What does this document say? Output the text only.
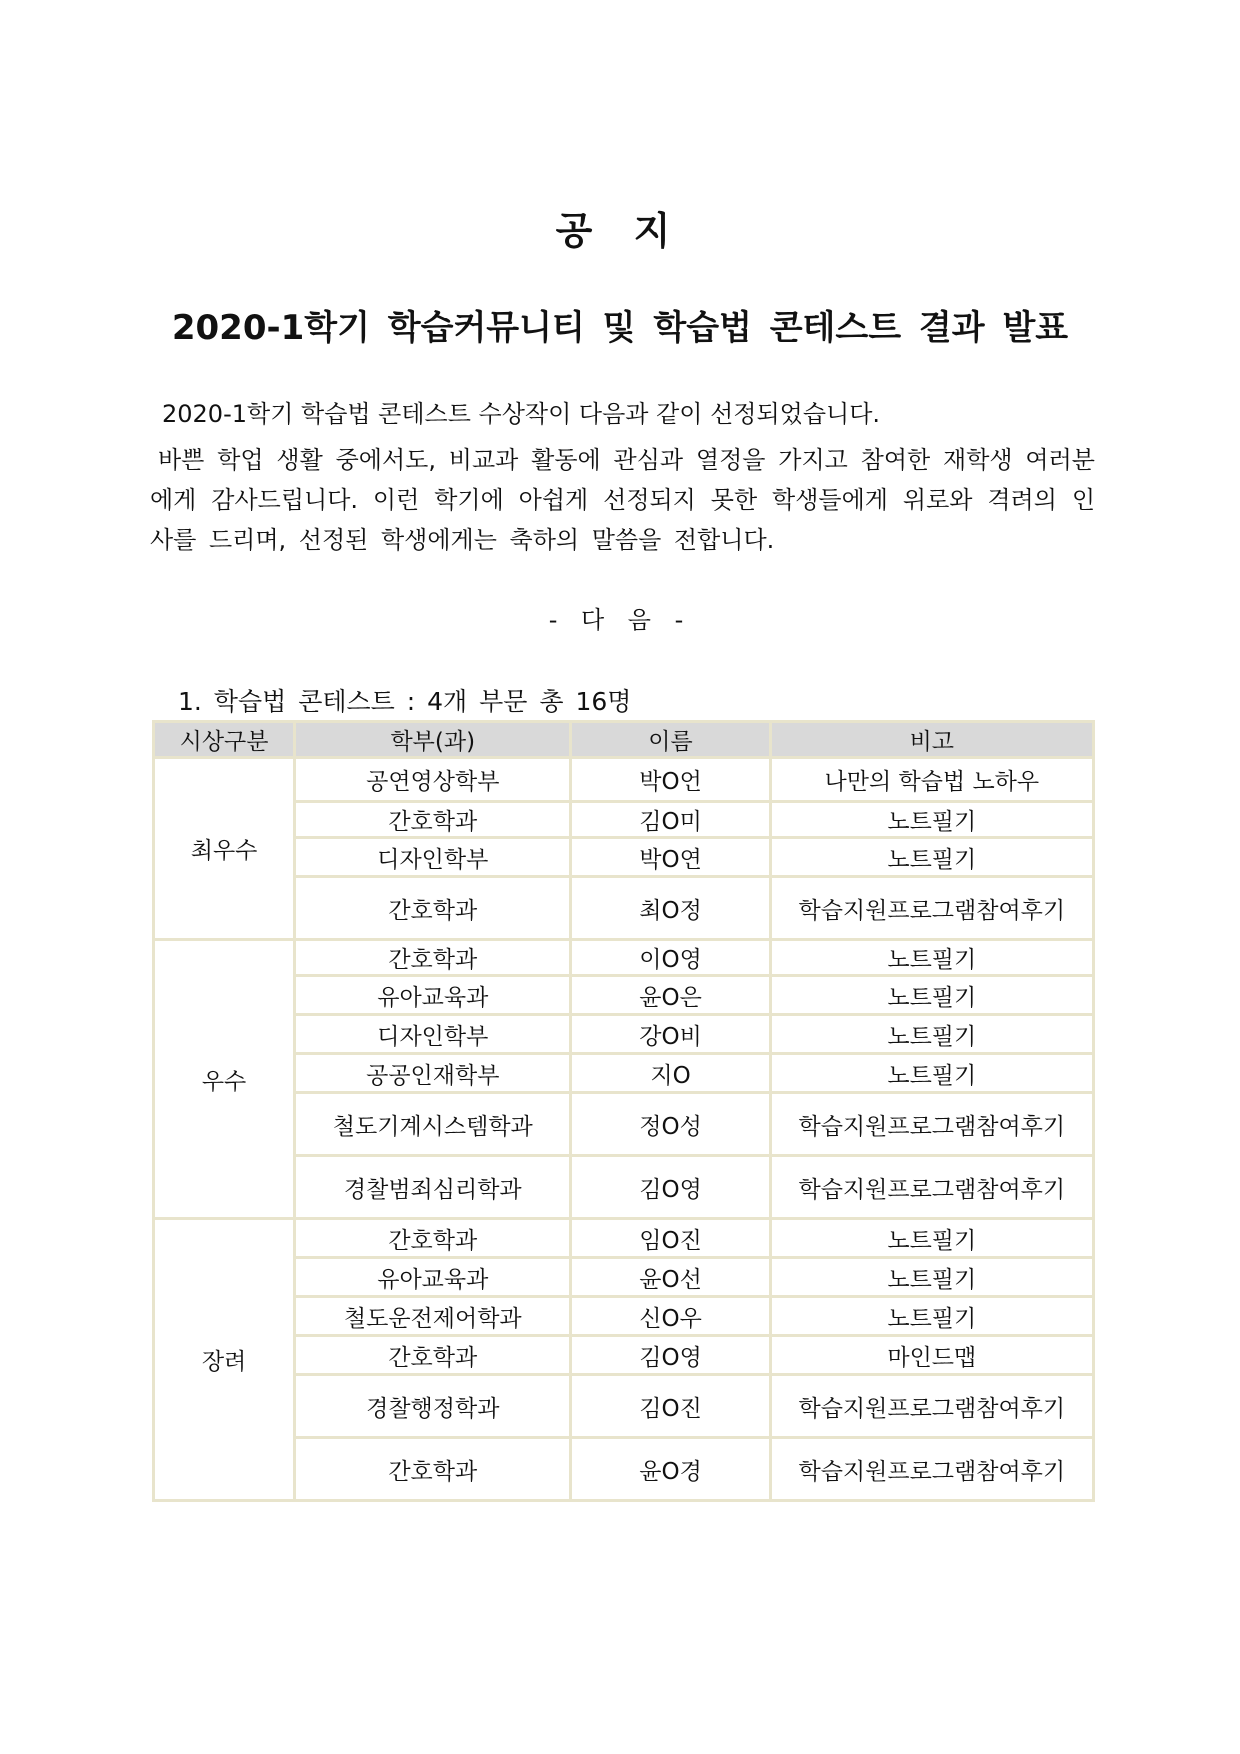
공 지
2020-1학기 학습커뮤니티 및 학습법 콘테스트 결과 발표
2020-1학기 학습법 콘테스트 수상작이 다음과 같이 선정되었습니다.
바쁜 학업 생활 중에서도, 비교과 활동에 관심과 열정을 가지고 참여한 재학생 여러분에게 감사드립니다. 이런 학기에 아쉽게 선정되지 못한 학생들에게 위로와 격려의 인사를 드리며, 선정된 학생에게는 축하의 말씀을 전합니다.
- 다 음 -
1. 학습법 콘테스트 : 4개 부문 총 16명
시상구분	학부(과)	이름	비고
최우수	공연영상학부	박O언	나만의 학습법 노하우
	간호학과	김O미	노트필기
	디자인학부	박O연	노트필기
	간호학과	최O정	학습지원프로그램참여후기
우수	간호학과	이O영	노트필기
	유아교육과	윤O은	노트필기
	디자인학부	강O비	노트필기
	공공인재학부	지O	노트필기
	철도기계시스템학과	정O성	학습지원프로그램참여후기
	경찰범죄심리학과	김O영	학습지원프로그램참여후기
장려	간호학과	임O진	노트필기
	유아교육과	윤O선	노트필기
	철도운전제어학과	신O우	노트필기
	간호학과	김O영	마인드맵
	경찰행정학과	김O진	학습지원프로그램참여후기
	간호학과	윤O경	학습지원프로그램참여후기
